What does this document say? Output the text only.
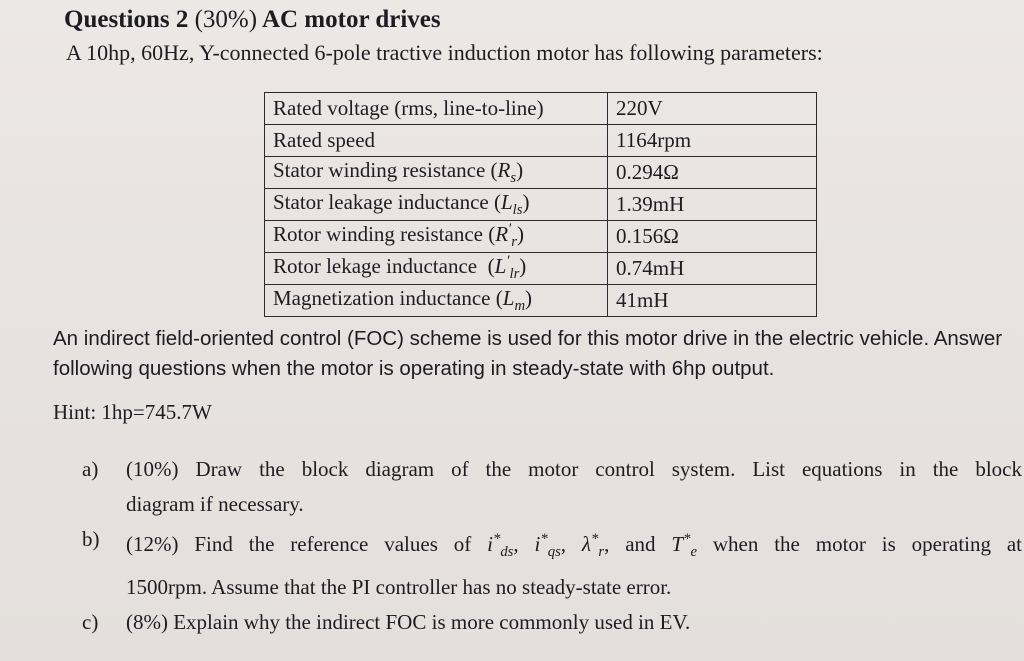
Questions 2 (30%) AC motor drives
A 10hp, 60Hz, Y-connected 6-pole tractive induction motor has following parameters:
Rated voltage (rms, line-to-line)	220V
Rated speed	1164rpm
Stator winding resistance $(R_s)$	0.294Ω
Stator leakage inductance $(L_{ls})$	1.39mH
Rotor winding resistance $(R'_r)$	0.156Ω
Rotor lekage inductance  $(L'_{lr})$	0.74mH
Magnetization inductance $(L_m)$	41mH
An indirect field-oriented control (FOC) scheme is used for this motor drive in the electric vehicle. Answer following questions when the motor is operating in steady-state with 6hp output.
Hint: 1hp=745.7W
a)	(10%) Draw the block diagram of the motor control system. List equations in the block
diagram if necessary.
b)	(12%) Find the reference values of $i^*_{ds}$, $i^*_{qs}$, $\lambda^*_r$, and $T^*_e$ when the motor is operating at
1500rpm. Assume that the PI controller has no steady-state error.
c)	(8%) Explain why the indirect FOC is more commonly used in EV.
